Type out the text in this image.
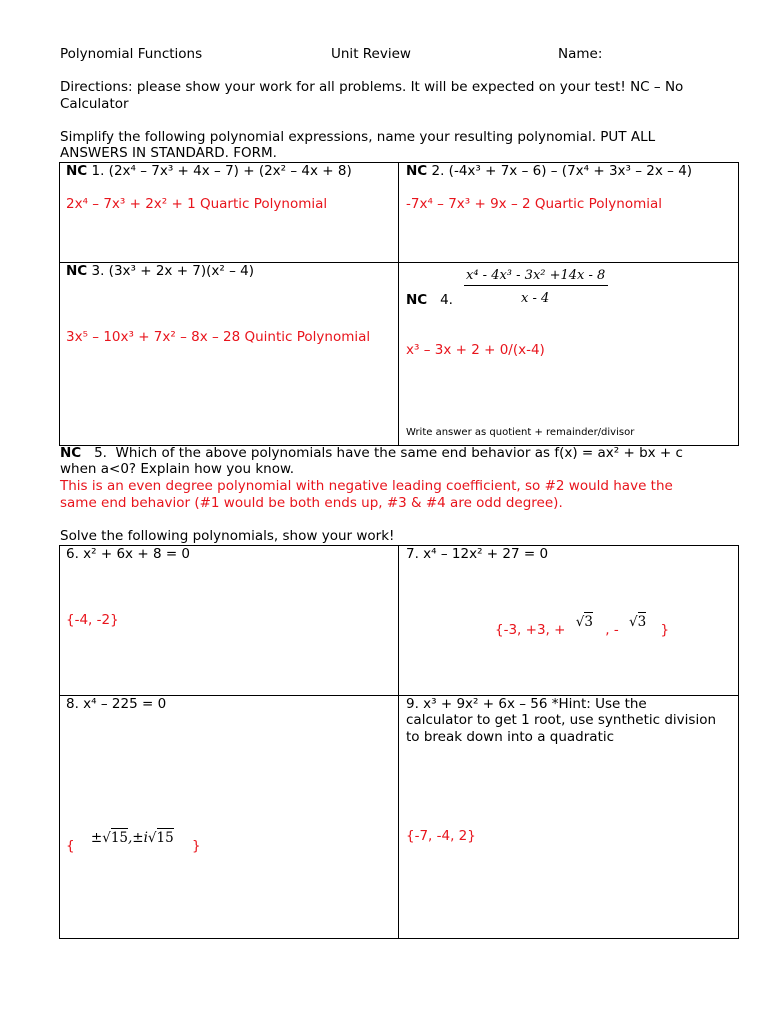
Polynomial Functions	Unit Review	Name:
Directions: please show your work for all problems. It will be expected on your test! NC – No
Calculator
Simplify the following polynomial expressions, name your resulting polynomial. PUT ALL
ANSWERS IN STANDARD. FORM.
NC 1. (2x⁴ – 7x³ + 4x – 7) + (2x² – 4x + 8)
2x⁴ – 7x³ + 2x² + 1 Quartic Polynomial
NC 2. (-4x³ + 7x – 6) – (7x⁴ + 3x³ – 2x – 4)
-7x⁴ – 7x³ + 9x – 2 Quartic Polynomial
NC 3. (3x³ + 2x + 7)(x² – 4)
3x⁵ – 10x³ + 7x² – 8x – 28 Quintic Polynomial
x⁴ - 4x³ - 3x² +14x - 8
x - 4
NC 4.
x³ – 3x + 2 + 0/(x-4)
Write answer as quotient + remainder/divisor
NC   5.  Which of the above polynomials have the same end behavior as f(x) = ax² + bx + c
when a<0? Explain how you know.
This is an even degree polynomial with negative leading coefficient, so #2 would have the
same end behavior (#1 would be both ends up, #3 & #4 are odd degree).
Solve the following polynomials, show your work!
6. x² + 6x + 8 = 0
{-4, -2}
7. x⁴ – 12x² + 27 = 0
{-3, +3, + √3 , - √3 }
8. x⁴ – 225 = 0
{ ±√15,±i√15 }
9. x³ + 9x² + 6x – 56 *Hint: Use the
calculator to get 1 root, use synthetic division
to break down into a quadratic
{-7, -4, 2}
